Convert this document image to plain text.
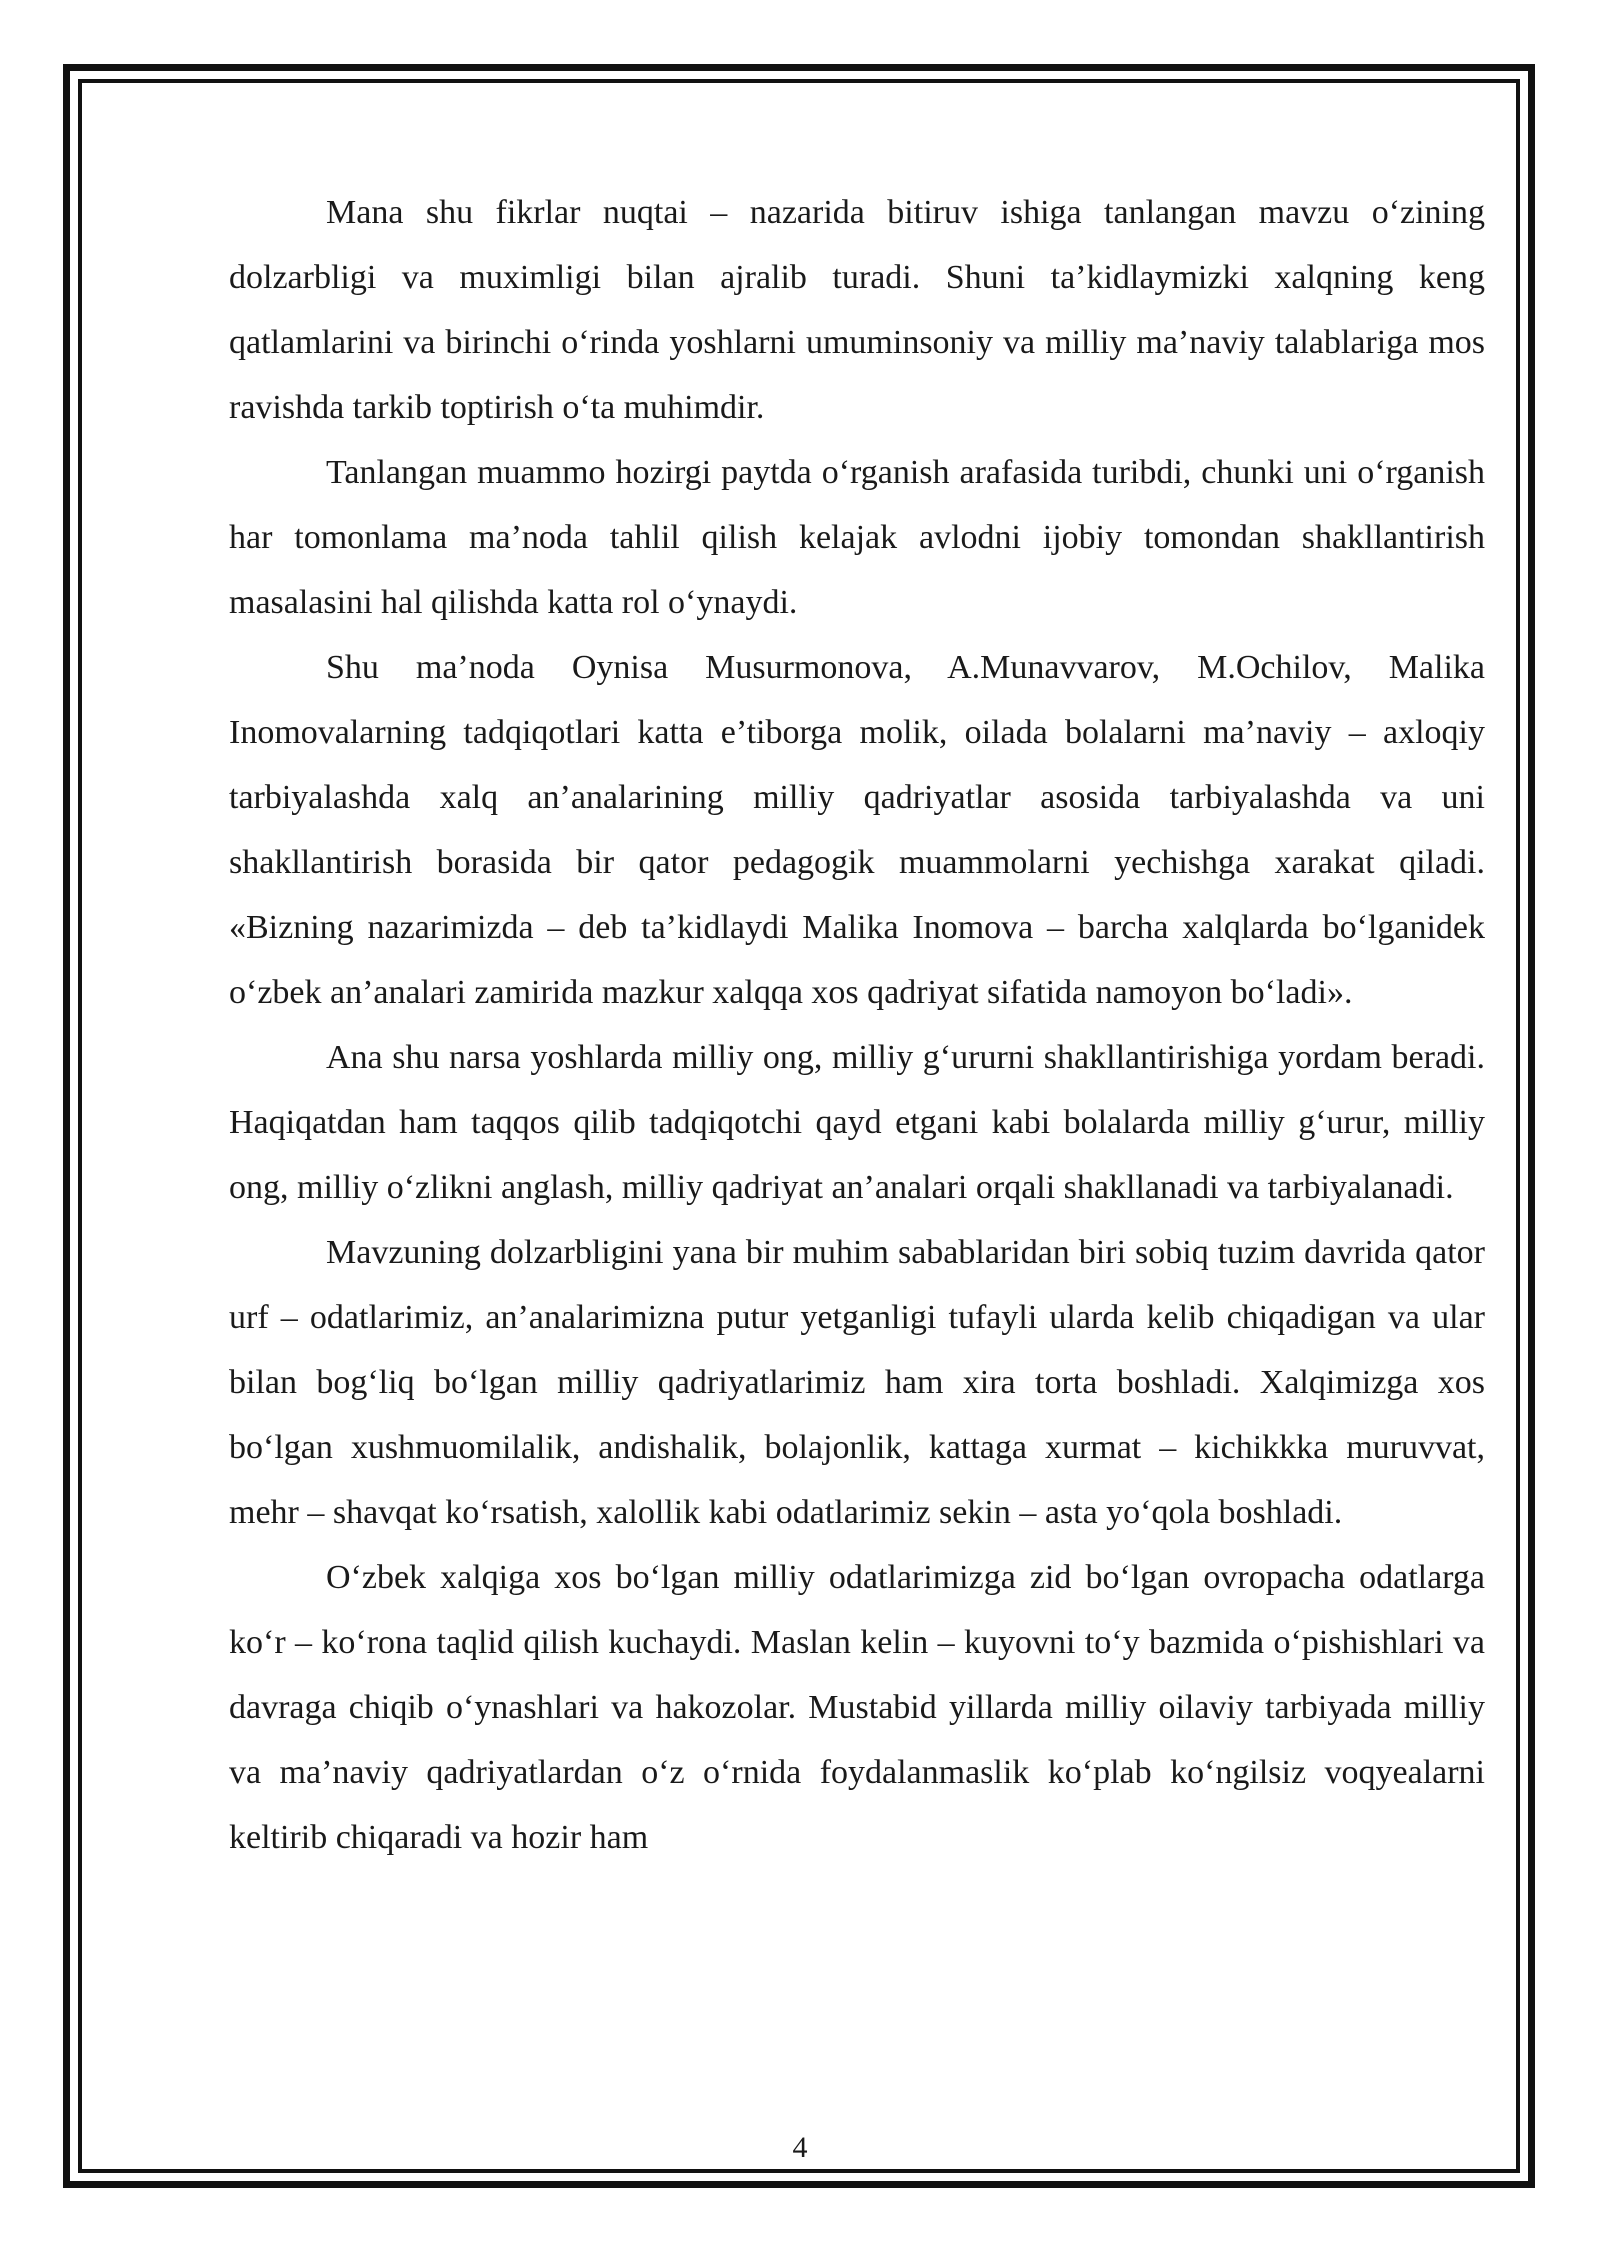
Mana shu fikrlar nuqtai – nazarida bitiruv ishiga tanlangan mavzu o‘zining dolzarbligi va muximligi bilan ajralib turadi. Shuni ta’kidlaymizki xalqning keng qatlamlarini va birinchi o‘rinda yoshlarni umuminsoniy va milliy ma’naviy talablariga mos ravishda tarkib toptirish o‘ta muhimdir.

Tanlangan muammo hozirgi paytda o‘rganish arafasida turibdi, chunki uni o‘rganish har tomonlama ma’noda tahlil qilish kelajak avlodni ijobiy tomondan shakllantirish masalasini hal qilishda katta rol o‘ynaydi.

Shu ma’noda Oynisa Musurmonova, A.Munavvarov, M.Ochilov, Malika Inomovalarning tadqiqotlari katta e’tiborga molik, oilada bolalarni ma’naviy – axloqiy tarbiyalashda xalq an’analarining milliy qadriyatlar asosida tarbiyalashda va uni shakllantirish borasida bir qator pedagogik muammolarni yechishga xarakat qiladi. «Bizning nazarimizda – deb ta’kidlaydi Malika Inomova – barcha xalqlarda bo‘lganidek o‘zbek an’analari zamirida mazkur xalqqa xos qadriyat sifatida namoyon bo‘ladi».

Ana shu narsa yoshlarda milliy ong, milliy g‘ururni shakllantirishiga yordam beradi. Haqiqatdan ham taqqos qilib tadqiqotchi qayd etgani kabi bolalarda milliy g‘urur, milliy ong, milliy o‘zlikni anglash, milliy qadriyat an’analari orqali shakllanadi va tarbiyalanadi.

Mavzuning dolzarbligini yana bir muhim sabablaridan biri sobiq tuzim davrida qator urf – odatlarimiz, an’analarimizna putur yetganligi tufayli ularda kelib chiqadigan va ular bilan bog‘liq bo‘lgan milliy qadriyatlarimiz ham xira torta boshladi. Xalqimizga xos bo‘lgan xushmuomilalik, andishalik, bolajonlik, kattaga xurmat – kichikkka muruvvat, mehr – shavqat ko‘rsatish, xalollik kabi odatlarimiz sekin – asta yo‘qola boshladi.

O‘zbek xalqiga xos bo‘lgan milliy odatlarimizga zid bo‘lgan ovropacha odatlarga ko‘r – ko‘rona taqlid qilish kuchaydi. Maslan kelin – kuyovni to‘y bazmida o‘pishishlari va davraga chiqib o‘ynashlari va hakozolar. Mustabid yillarda milliy oilaviy tarbiyada milliy va ma’naviy qadriyatlardan o‘z o‘rnida foydalanmaslik ko‘plab ko‘ngilsiz voqyealarni keltirib chiqaradi va hozir ham

4
